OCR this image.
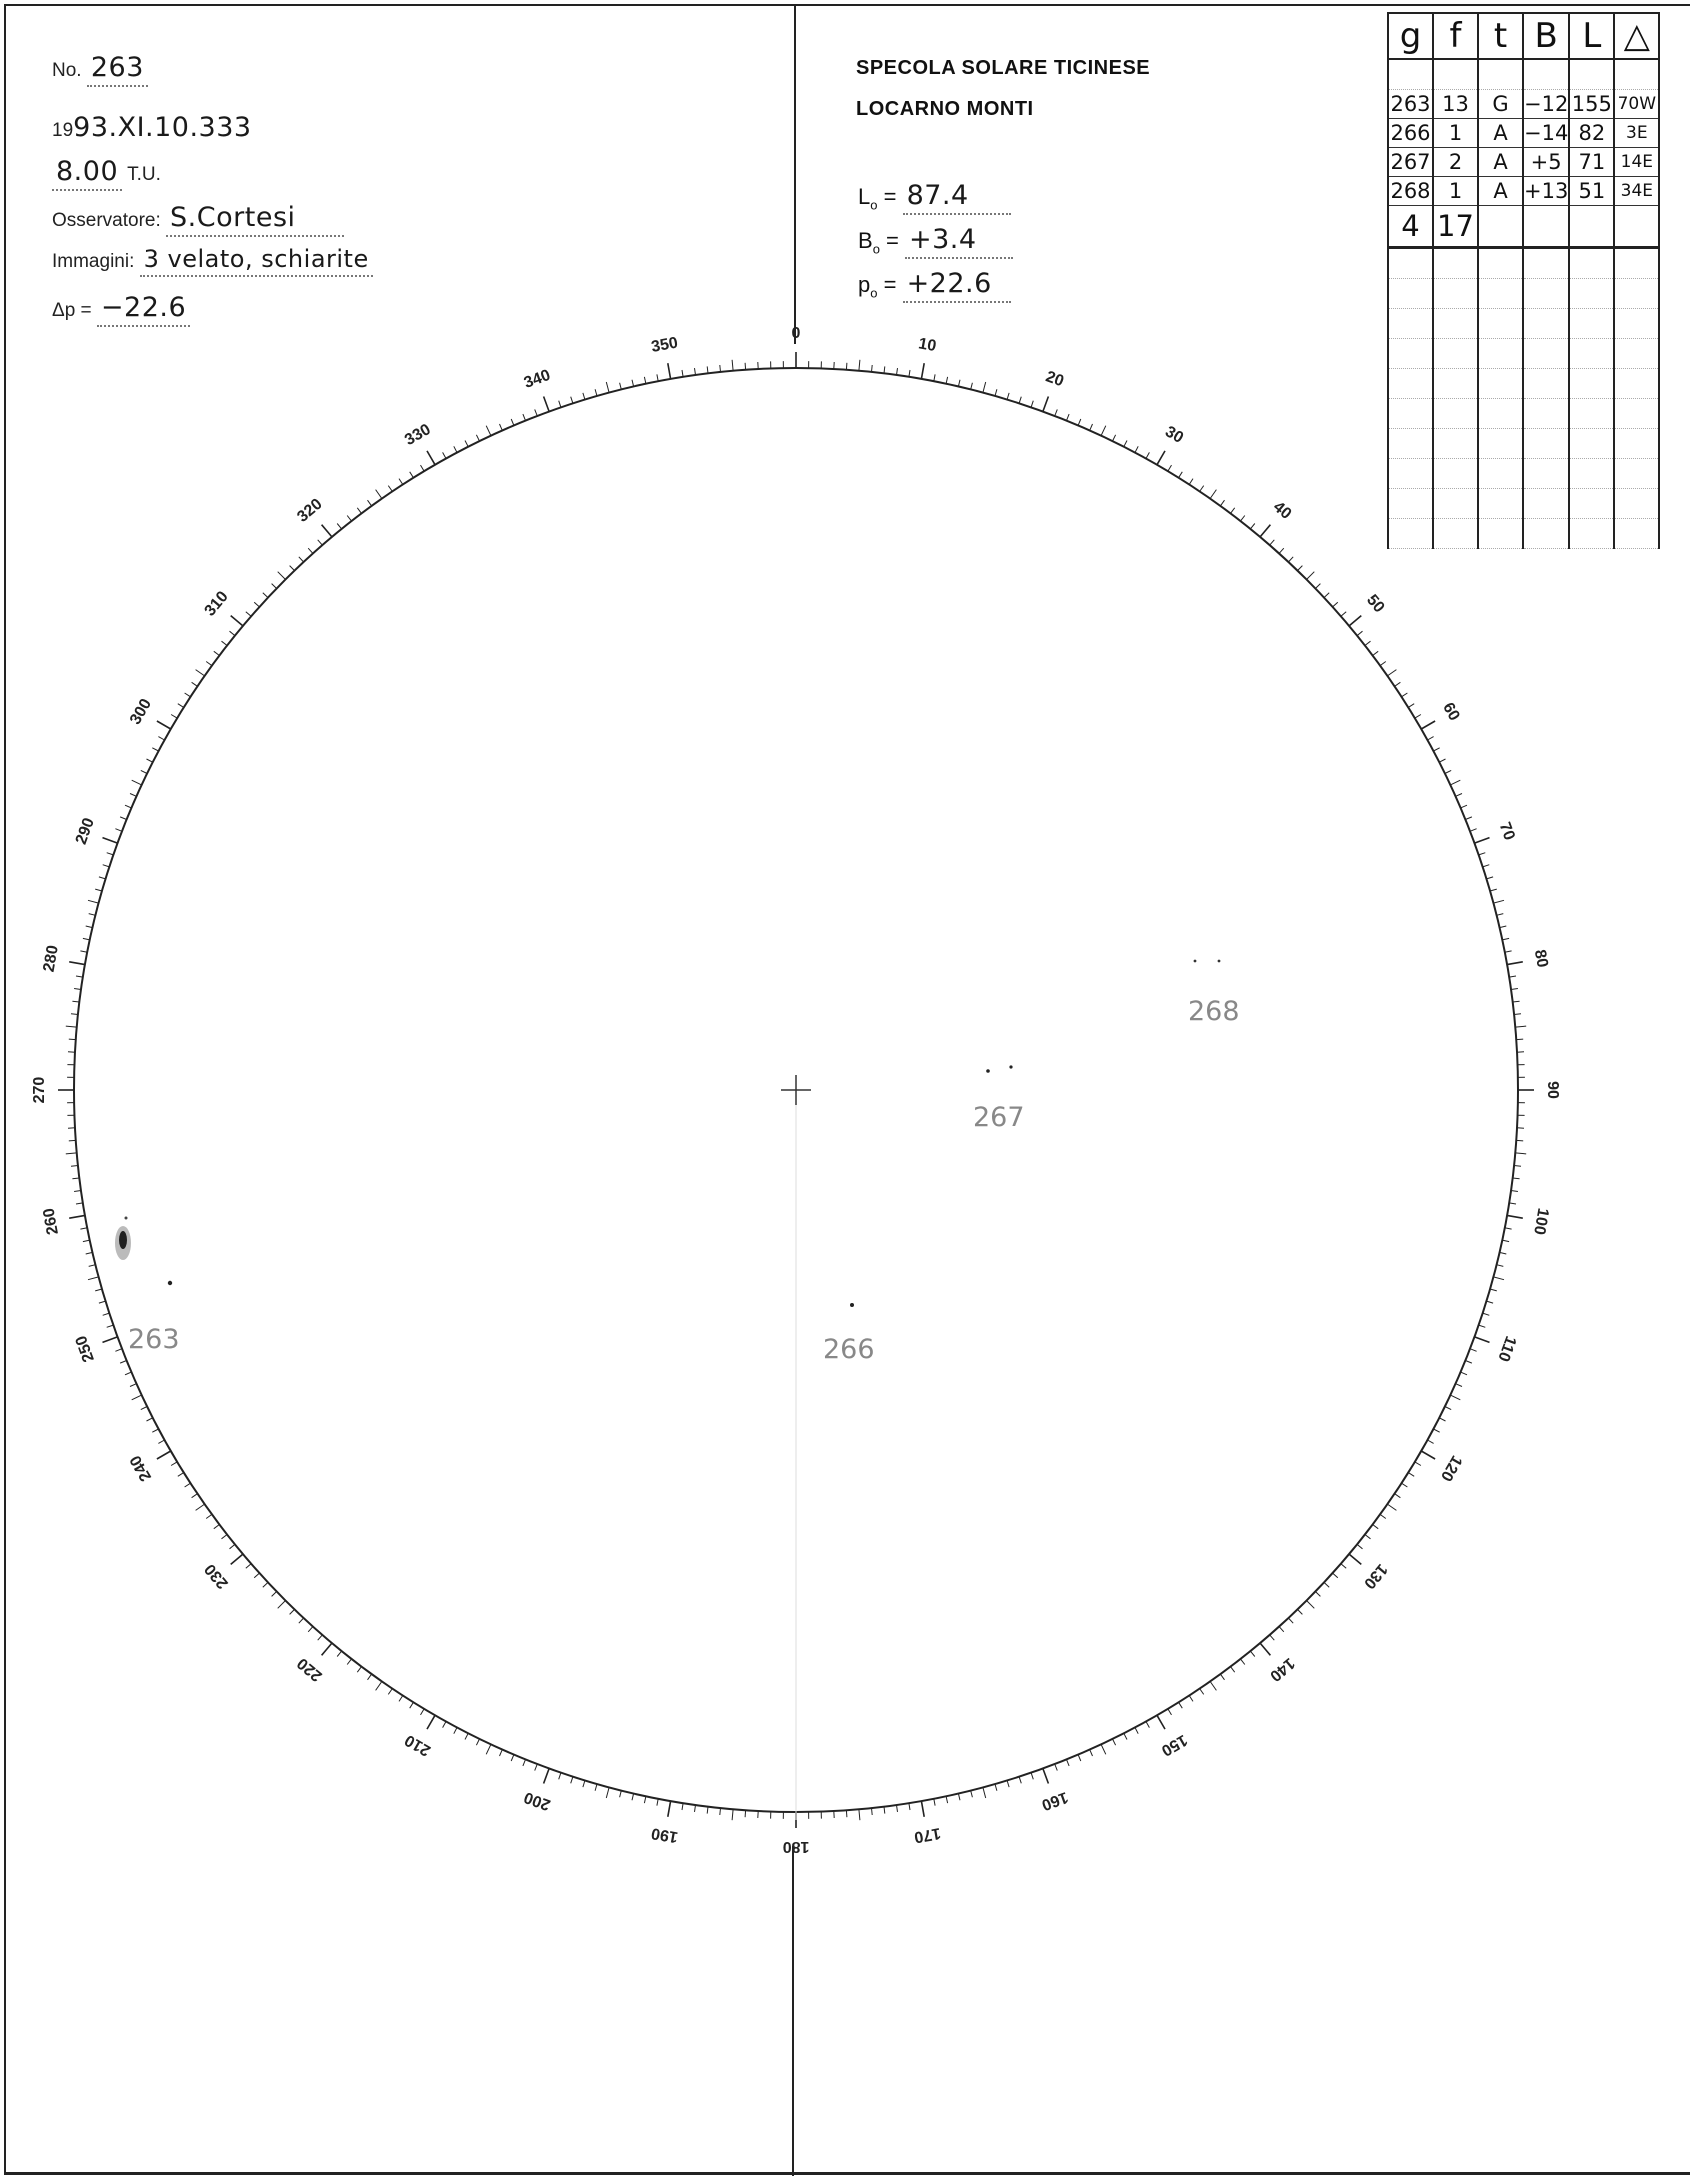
No. 263
1993.XI.10.333
8.00 T.U.
Osservatore: S.Cortesi
Immagini: 3 velato, schiarite
Δp = −22.6
SPECOLA SOLARE TICINESE
LOCARNO MONTI
$L_o = 87.4$
$B_o = +3.4$
$p_o = +22.6$
g	f	t	B	L	△

263	13	G	−12	155	70W
266	1	A	−14	82	3E
267	2	A	+5	71	14E
268	1	A	+13	51	34E
4	17				

0
10
20
30
40
50
60
70
80
90
100
110
120
130
140
150
160
170
180
190
200
210
220
230
240
250
260
270
280
290
300
310
320
330
340
350
263	266
267
268
